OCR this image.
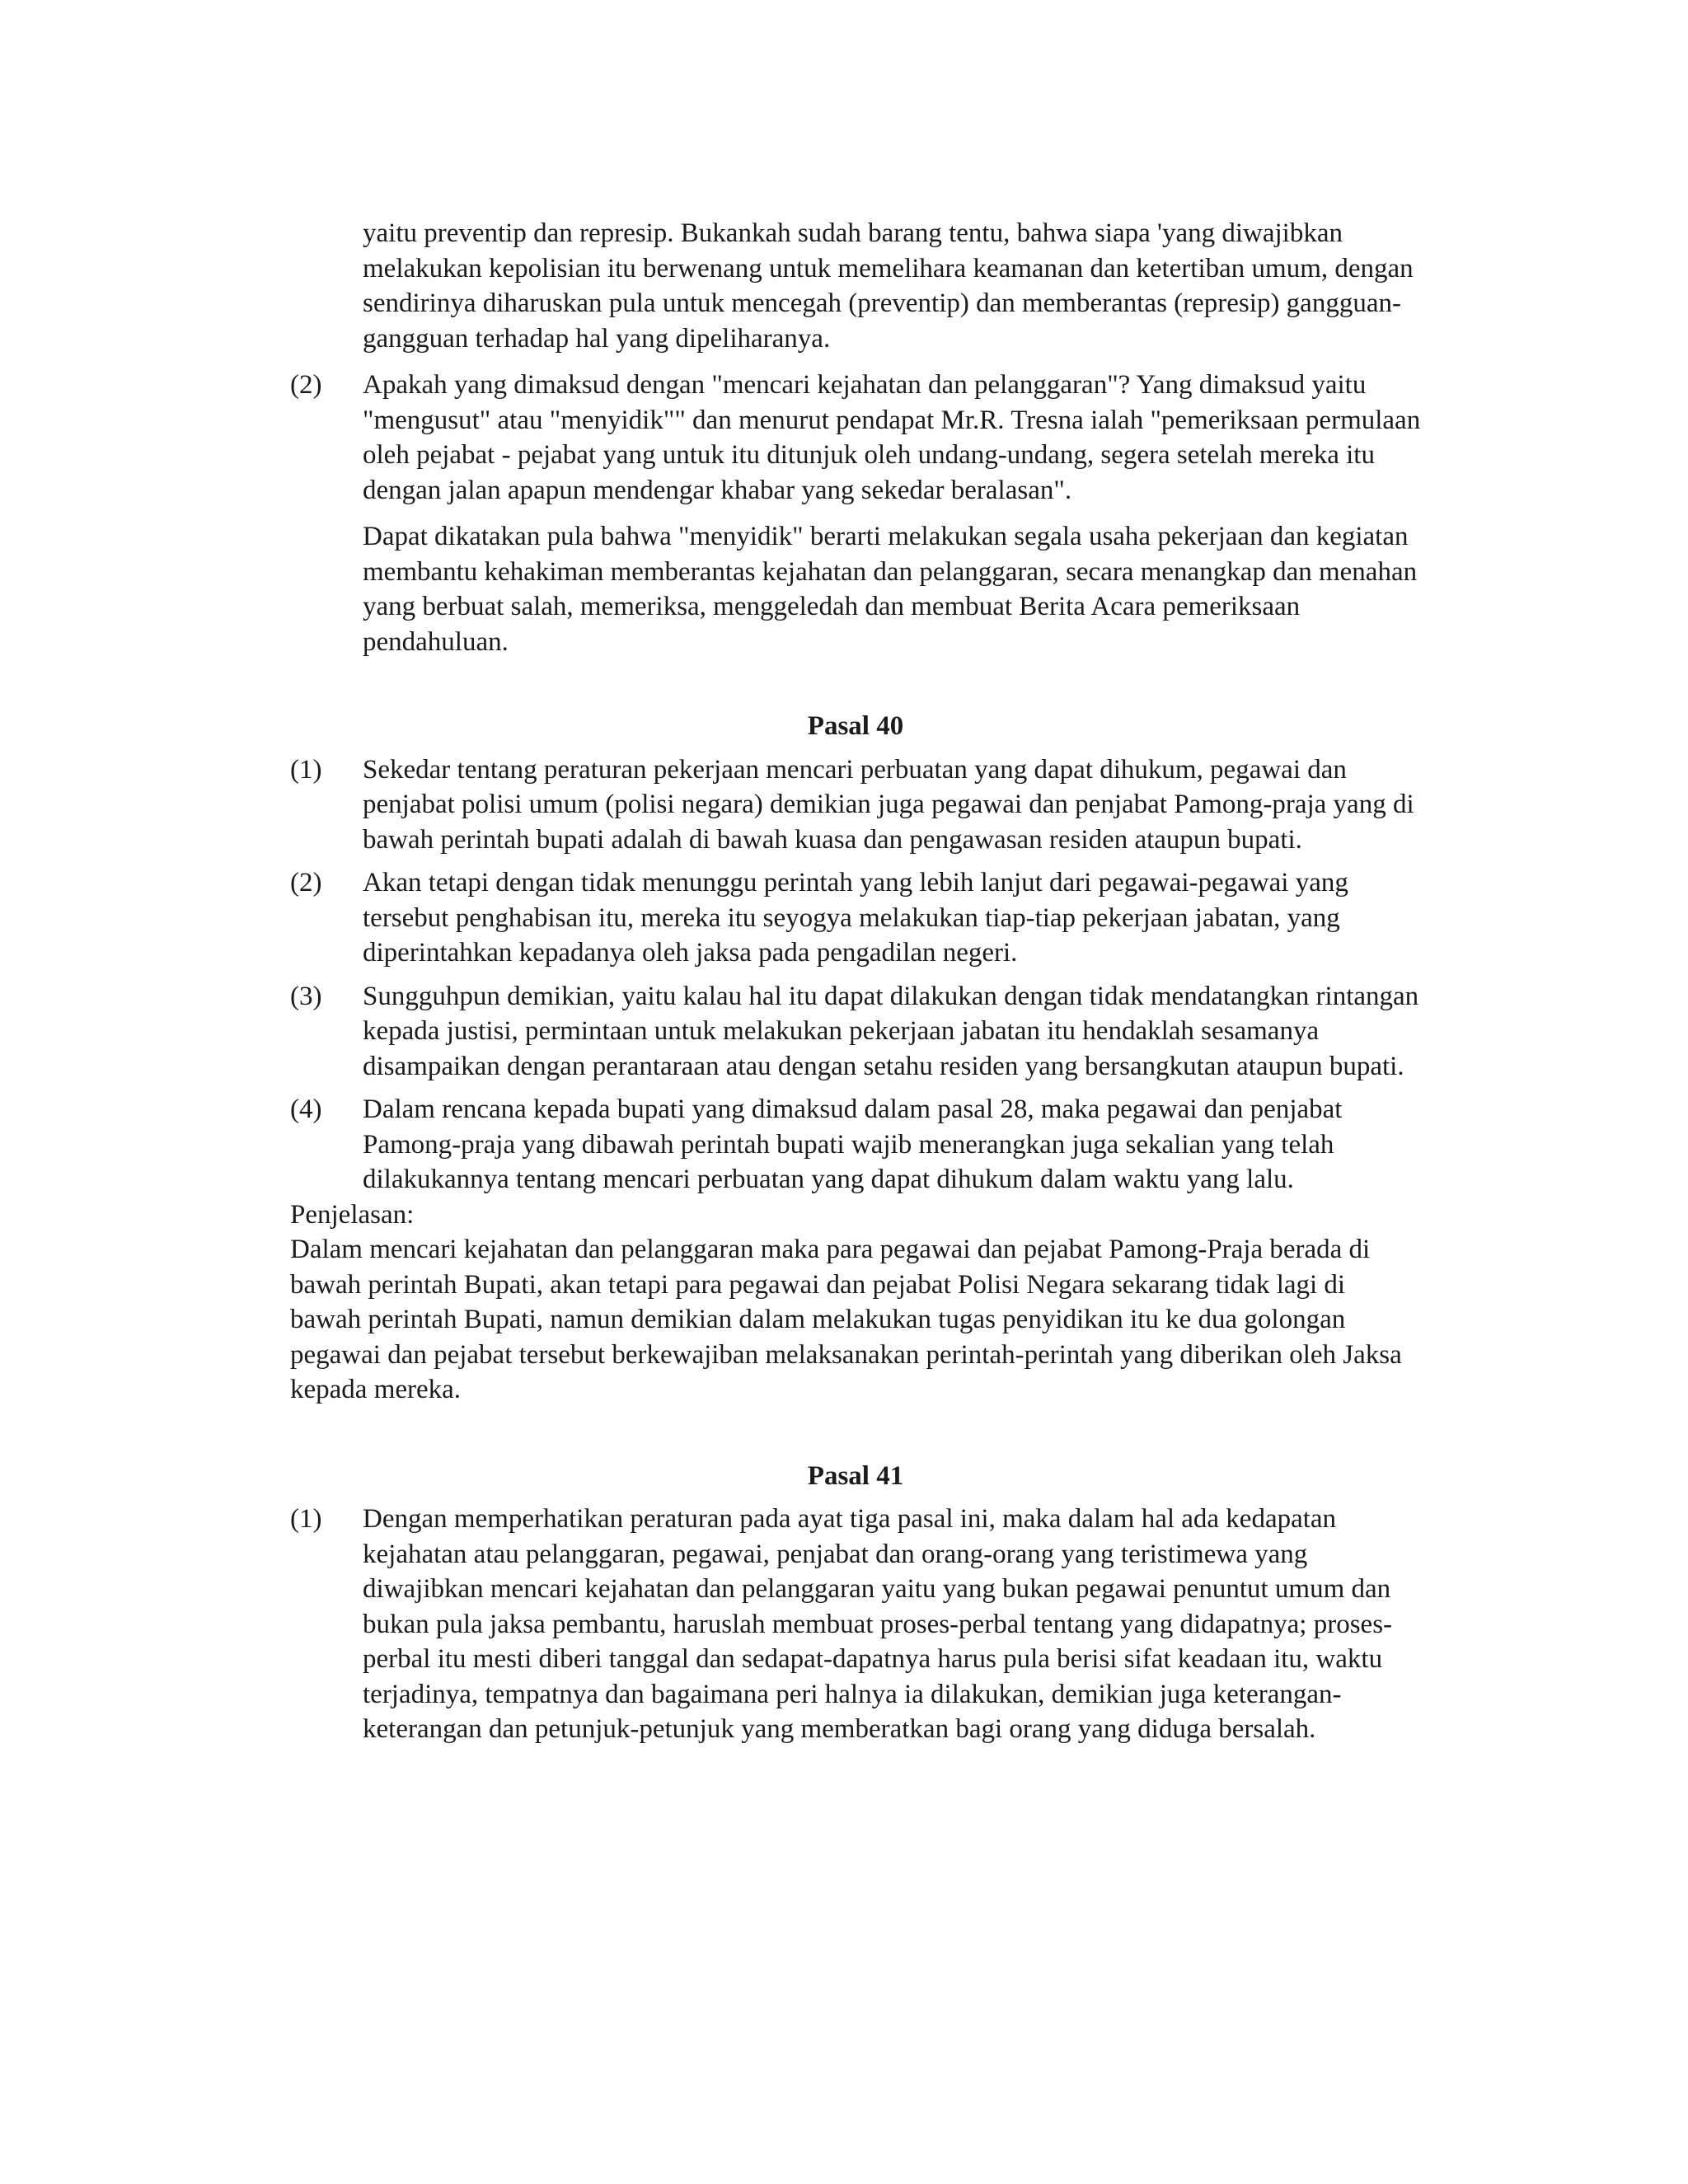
yaitu preventip dan represip. Bukankah sudah barang tentu, bahwa siapa 'yang diwajibkan melakukan kepolisian itu berwenang untuk memelihara keamanan dan ketertiban umum, dengan sendirinya diharuskan pula untuk mencegah (preventip) dan memberantas (represip) gangguan-gangguan terhadap hal yang dipeliharanya.

(2)	Apakah yang dimaksud dengan "mencari kejahatan dan pelanggaran"? Yang dimaksud yaitu "mengusut" atau "menyidik"" dan menurut pendapat Mr.R. Tresna ialah "pemeriksaan permulaan oleh pejabat - pejabat yang untuk itu ditunjuk oleh undang-undang, segera setelah mereka itu dengan jalan apapun mendengar khabar yang sekedar beralasan".

Dapat dikatakan pula bahwa "menyidik" berarti melakukan segala usaha pekerjaan dan kegiatan membantu kehakiman memberantas kejahatan dan pelanggaran, secara menangkap dan menahan yang berbuat salah, memeriksa, menggeledah dan membuat Berita Acara pemeriksaan pendahuluan.

Pasal 40
(1)	Sekedar tentang peraturan pekerjaan mencari perbuatan yang dapat dihukum, pegawai dan penjabat polisi umum (polisi negara) demikian juga pegawai dan penjabat Pamong-praja yang di bawah perintah bupati adalah di bawah kuasa dan pengawasan residen ataupun bupati.

(2)	Akan tetapi dengan tidak menunggu perintah yang lebih lanjut dari pegawai-pegawai yang tersebut penghabisan itu, mereka itu seyogya melakukan tiap-tiap pekerjaan jabatan, yang diperintahkan kepadanya oleh jaksa pada pengadilan negeri.

(3)	Sungguhpun demikian, yaitu kalau hal itu dapat dilakukan dengan tidak mendatangkan rintangan kepada justisi, permintaan untuk melakukan pekerjaan jabatan itu hendaklah sesamanya disampaikan dengan perantaraan atau dengan setahu residen yang bersangkutan ataupun bupati.

(4)	Dalam rencana kepada bupati yang dimaksud dalam pasal 28, maka pegawai dan penjabat Pamong-praja yang dibawah perintah bupati wajib menerangkan juga sekalian yang telah dilakukannya tentang mencari perbuatan yang dapat dihukum dalam waktu yang lalu.

Penjelasan:

Dalam mencari kejahatan dan pelanggaran maka para pegawai dan pejabat Pamong-Praja berada di bawah perintah Bupati, akan tetapi para pegawai dan pejabat Polisi Negara sekarang tidak lagi di bawah perintah Bupati, namun demikian dalam melakukan tugas penyidikan itu ke dua golongan pegawai dan pejabat tersebut berkewajiban melaksanakan perintah-perintah yang diberikan oleh Jaksa kepada mereka.

Pasal 41
(1)	Dengan memperhatikan peraturan pada ayat tiga pasal ini, maka dalam hal ada kedapatan kejahatan atau pelanggaran, pegawai, penjabat dan orang-orang yang teristimewa yang diwajibkan mencari kejahatan dan pelanggaran yaitu yang bukan pegawai penuntut umum dan bukan pula jaksa pembantu, haruslah membuat proses-perbal tentang yang didapatnya; proses-perbal itu mesti diberi tanggal dan sedapat-dapatnya harus pula berisi sifat keadaan itu, waktu terjadinya, tempatnya dan bagaimana peri halnya ia dilakukan, demikian juga keterangan-keterangan dan petunjuk-petunjuk yang memberatkan bagi orang yang diduga bersalah.
